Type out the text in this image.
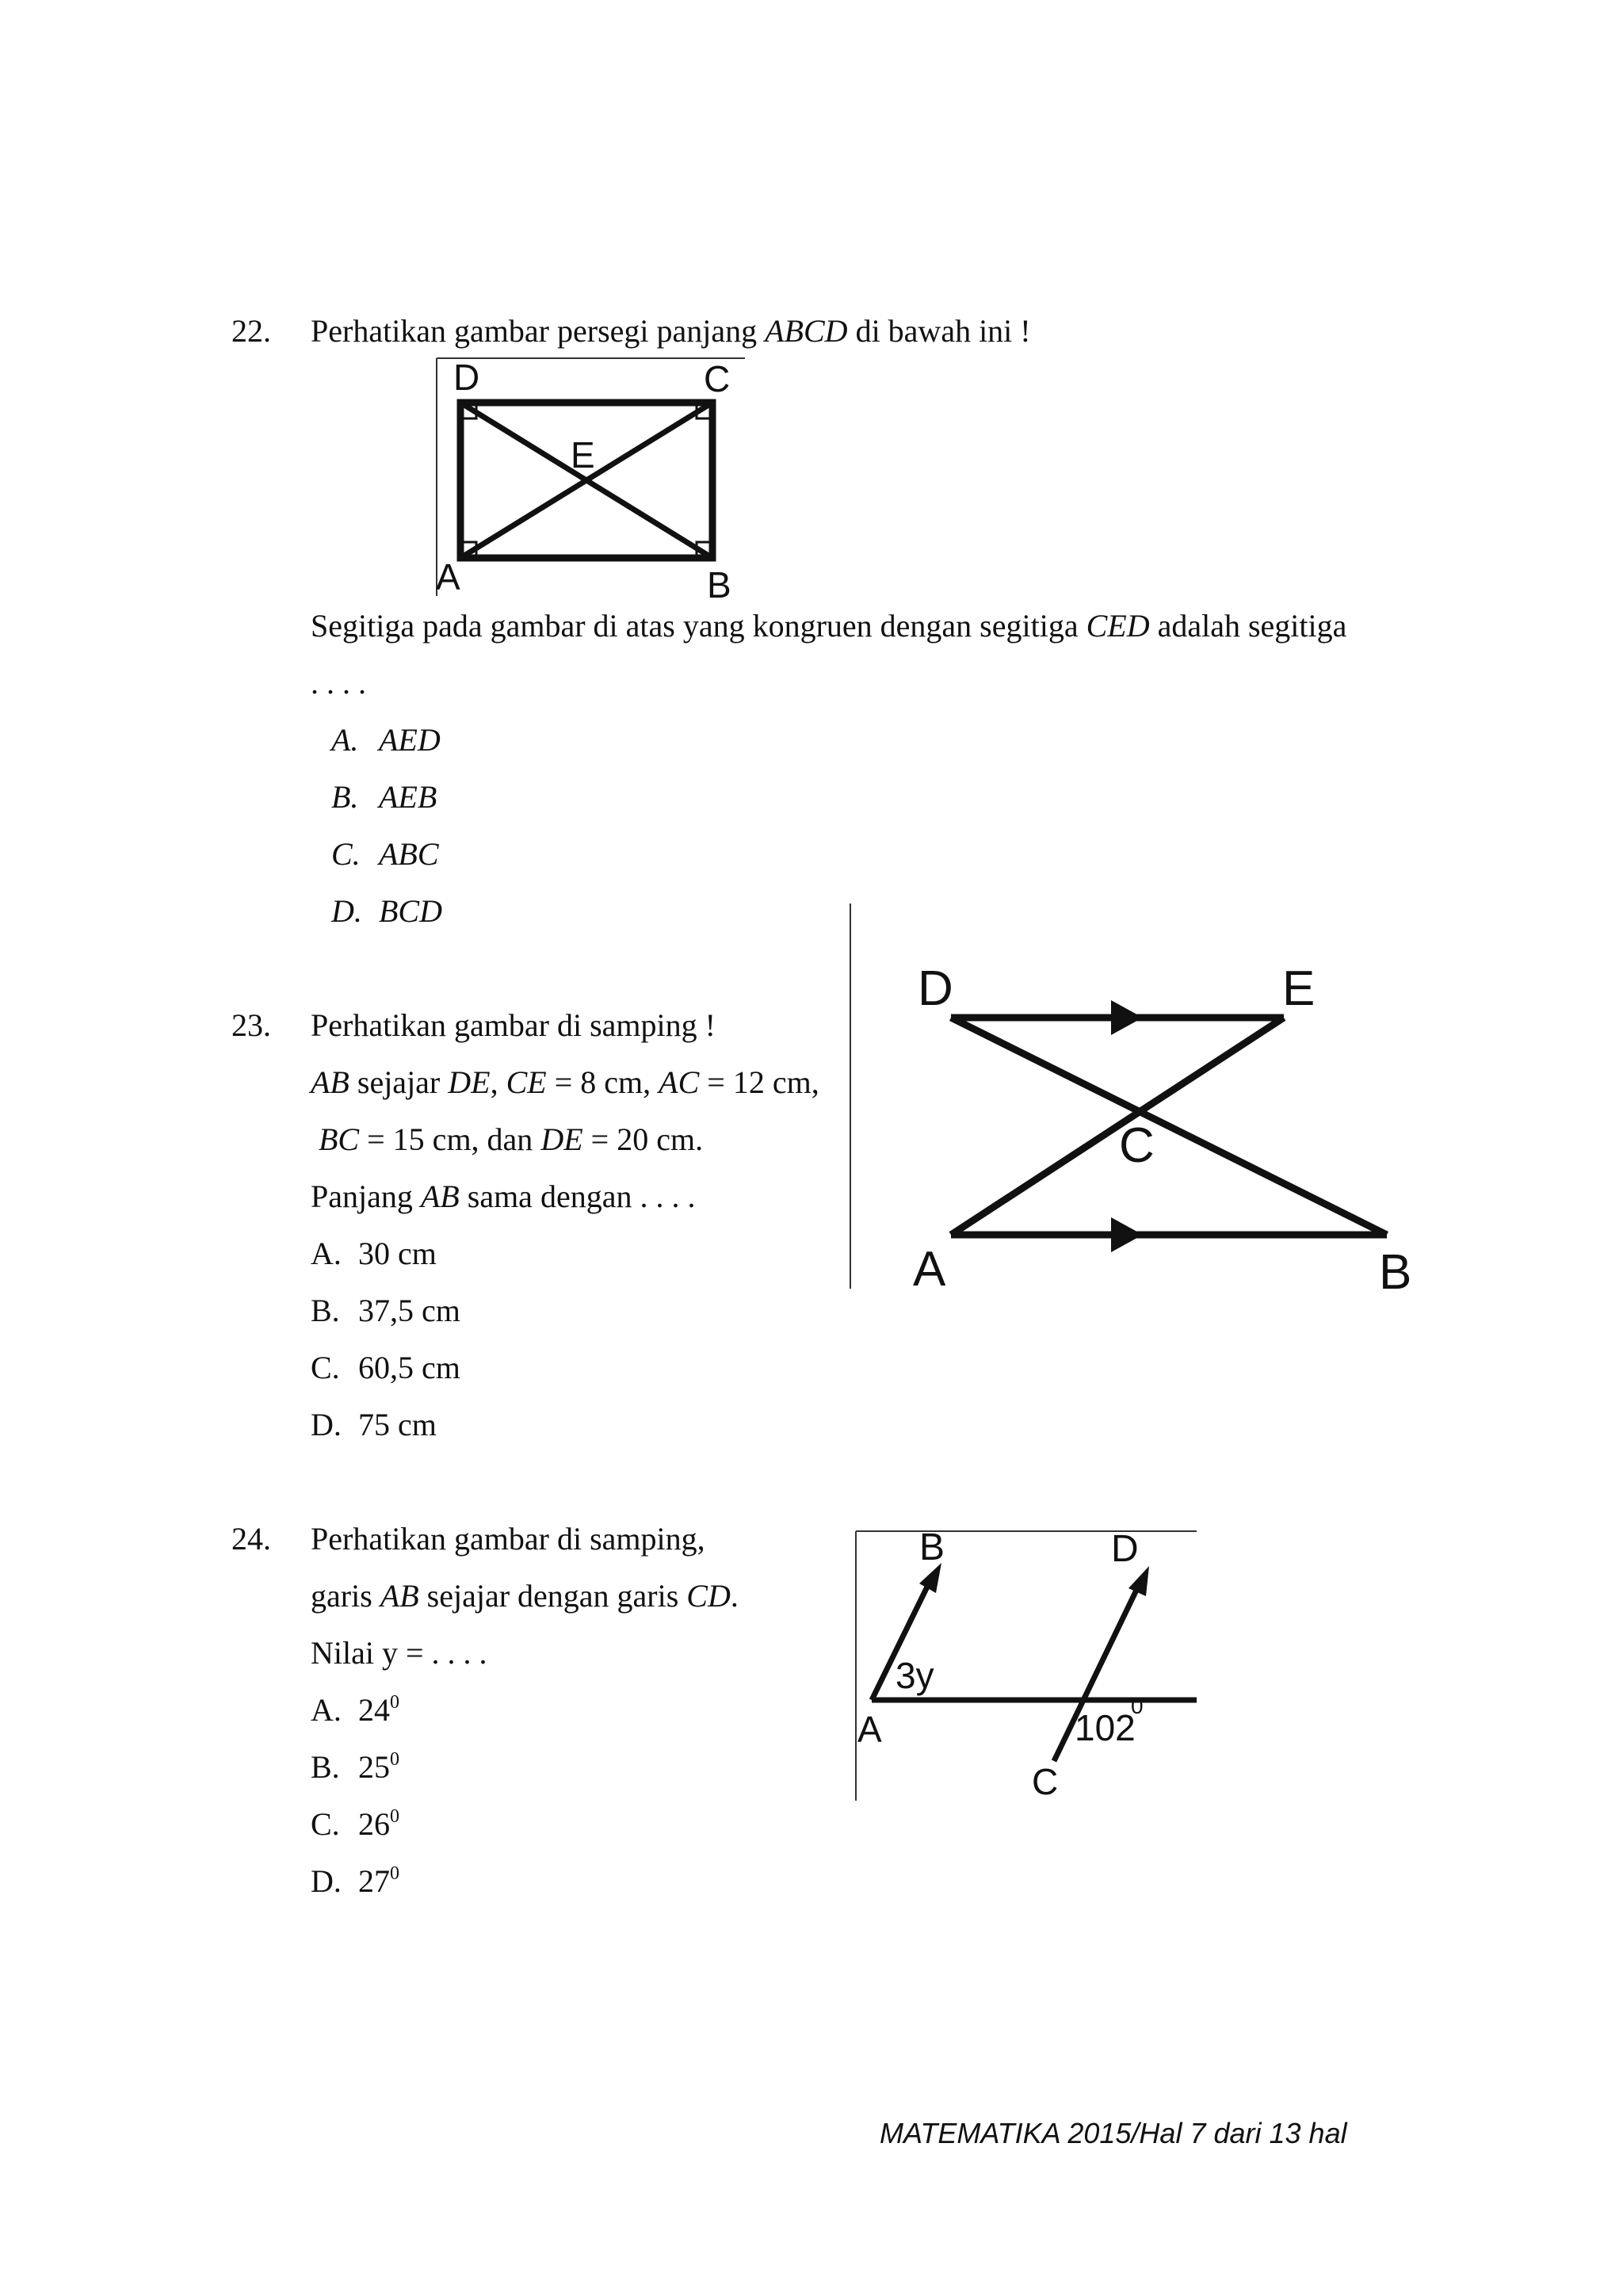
22. Perhatikan gambar persegi panjang ABCD di bawah ini !
D	C
E
A	B
Segitiga pada gambar di atas yang kongruen dengan segitiga CED adalah segitiga
. . . .
A. AED
B. AEB
C. ABC
D. BCD
23. Perhatikan gambar di samping !
AB sejajar DE, CE = 8 cm, AC = 12 cm,
BC = 15 cm, dan DE = 20 cm.
Panjang AB sama dengan . . . .
A. 30 cm
B. 37,5 cm
C. 60,5 cm
D. 75 cm
D	E
C
A	B
24. Perhatikan gambar di samping,
garis AB sejajar dengan garis CD.
Nilai y = . . . .
A. $24^0$
B. $25^0$
C. $26^0$
D. $27^0$
B	D
3y
A	102
0
C
MATEMATIKA 2015/Hal 7 dari 13 hal
